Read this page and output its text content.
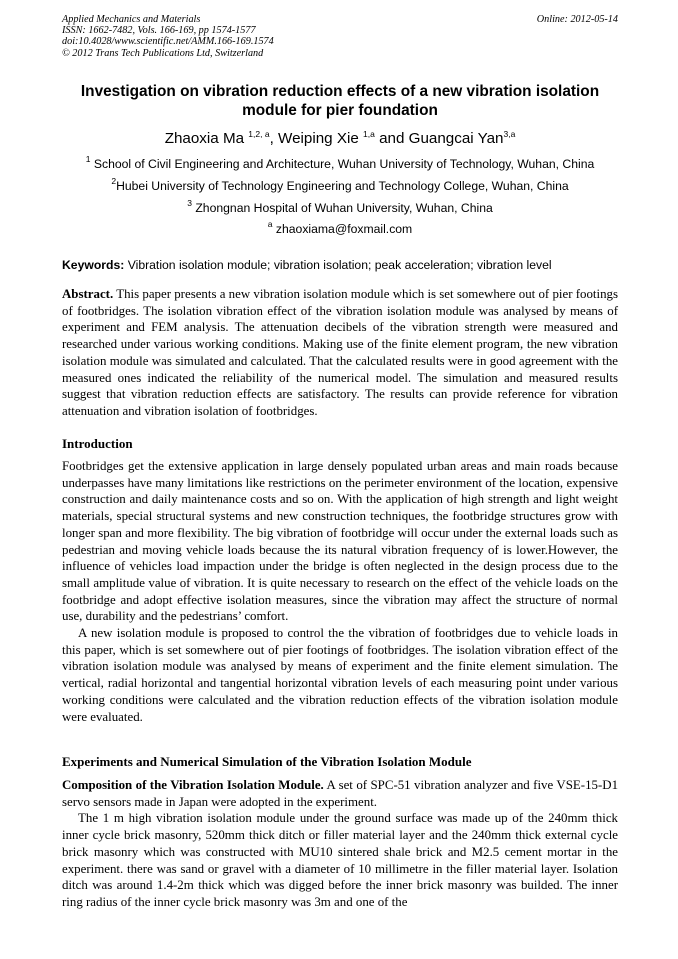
Applied Mechanics and Materials	Online: 2012-05-14
ISSN: 1662-7482, Vols. 166-169, pp 1574-1577
doi:10.4028/www.scientific.net/AMM.166-169.1574
© 2012 Trans Tech Publications Ltd, Switzerland
Investigation on vibration reduction effects of a new vibration isolation module for pier foundation
Zhaoxia Ma $^{1,2, a}$, Weiping Xie $^{1,a}$ and Guangcai Yan$^{3,a}$
$^1$ School of Civil Engineering and Architecture, Wuhan University of Technology, Wuhan, China
$^2$Hubei University of Technology Engineering and Technology College, Wuhan, China
$^3$ Zhongnan Hospital of Wuhan University, Wuhan, China
$^a$ zhaoxiama@foxmail.com
Keywords: Vibration isolation module; vibration isolation; peak acceleration; vibration level
Abstract. This paper presents a new vibration isolation module which is set somewhere out of pier footings of footbridges. The isolation vibration effect of the vibration isolation module was analysed by means of experiment and FEM analysis. The attenuation decibels of the vibration strength were measured and researched under various working conditions. Making use of the finite element program, the new vibration isolation module was simulated and calculated. That the calculated results were in good agreement with the measured ones indicated the reliability of the numerical model. The simulation and measured results suggest that vibration reduction effects are satisfactory. The results can provide reference for vibration attenuation and vibration isolation of footbridges.
Introduction

Footbridges get the extensive application in large densely populated urban areas and main roads because underpasses have many limitations like restrictions on the perimeter environment of the location, expensive construction and daily maintenance costs and so on. With the application of high strength and light weight materials, special structural systems and new construction techniques, the footbridge structures grow with longer span and more flexibility. The big vibration of footbridge will occur under the external loads such as pedestrian and moving vehicle loads because the its natural vibration frequency of is lower.However, the influence of vehicles load impaction under the bridge is often neglected in the design process due to the small amplitude value of vibration. It is quite necessary to research on the effect of the vehicle loads on the footbridge and adopt effective isolation measures, since the vibration may affect the structure of normal use, durability and the pedestrians’ comfort.

A new isolation module is proposed to control the the vibration of footbridges due to vehicle loads in this paper, which is set somewhere out of pier footings of footbridges. The isolation vibration effect of the vibration isolation module was analysed by means of experiment and the finite element simulation. The vertical, radial horizontal and tangential horizontal vibration levels of each measuring point under various working conditions were calculated and the vibration reduction effects of the vibration isolation module were evaluated.

Experiments and Numerical Simulation of the Vibration Isolation Module

Composition of the Vibration Isolation Module. A set of SPC-51 vibration analyzer and five VSE-15-D1 servo sensors made in Japan were adopted in the experiment.

The 1 m high vibration isolation module under the ground surface was made up of the 240mm thick inner cycle brick masonry, 520mm thick ditch or filler material layer and the 240mm thick external cycle brick masonry which was constructed with MU10 sintered shale brick and M2.5 cement mortar in the experiment. there was sand or gravel with a diameter of 10 millimetre in the filler material layer. Isolation ditch was around 1.4-2m thick which was digged before the inner brick masonry was builded. The inner ring radius of the inner cycle brick masonry was 3m and one of the
